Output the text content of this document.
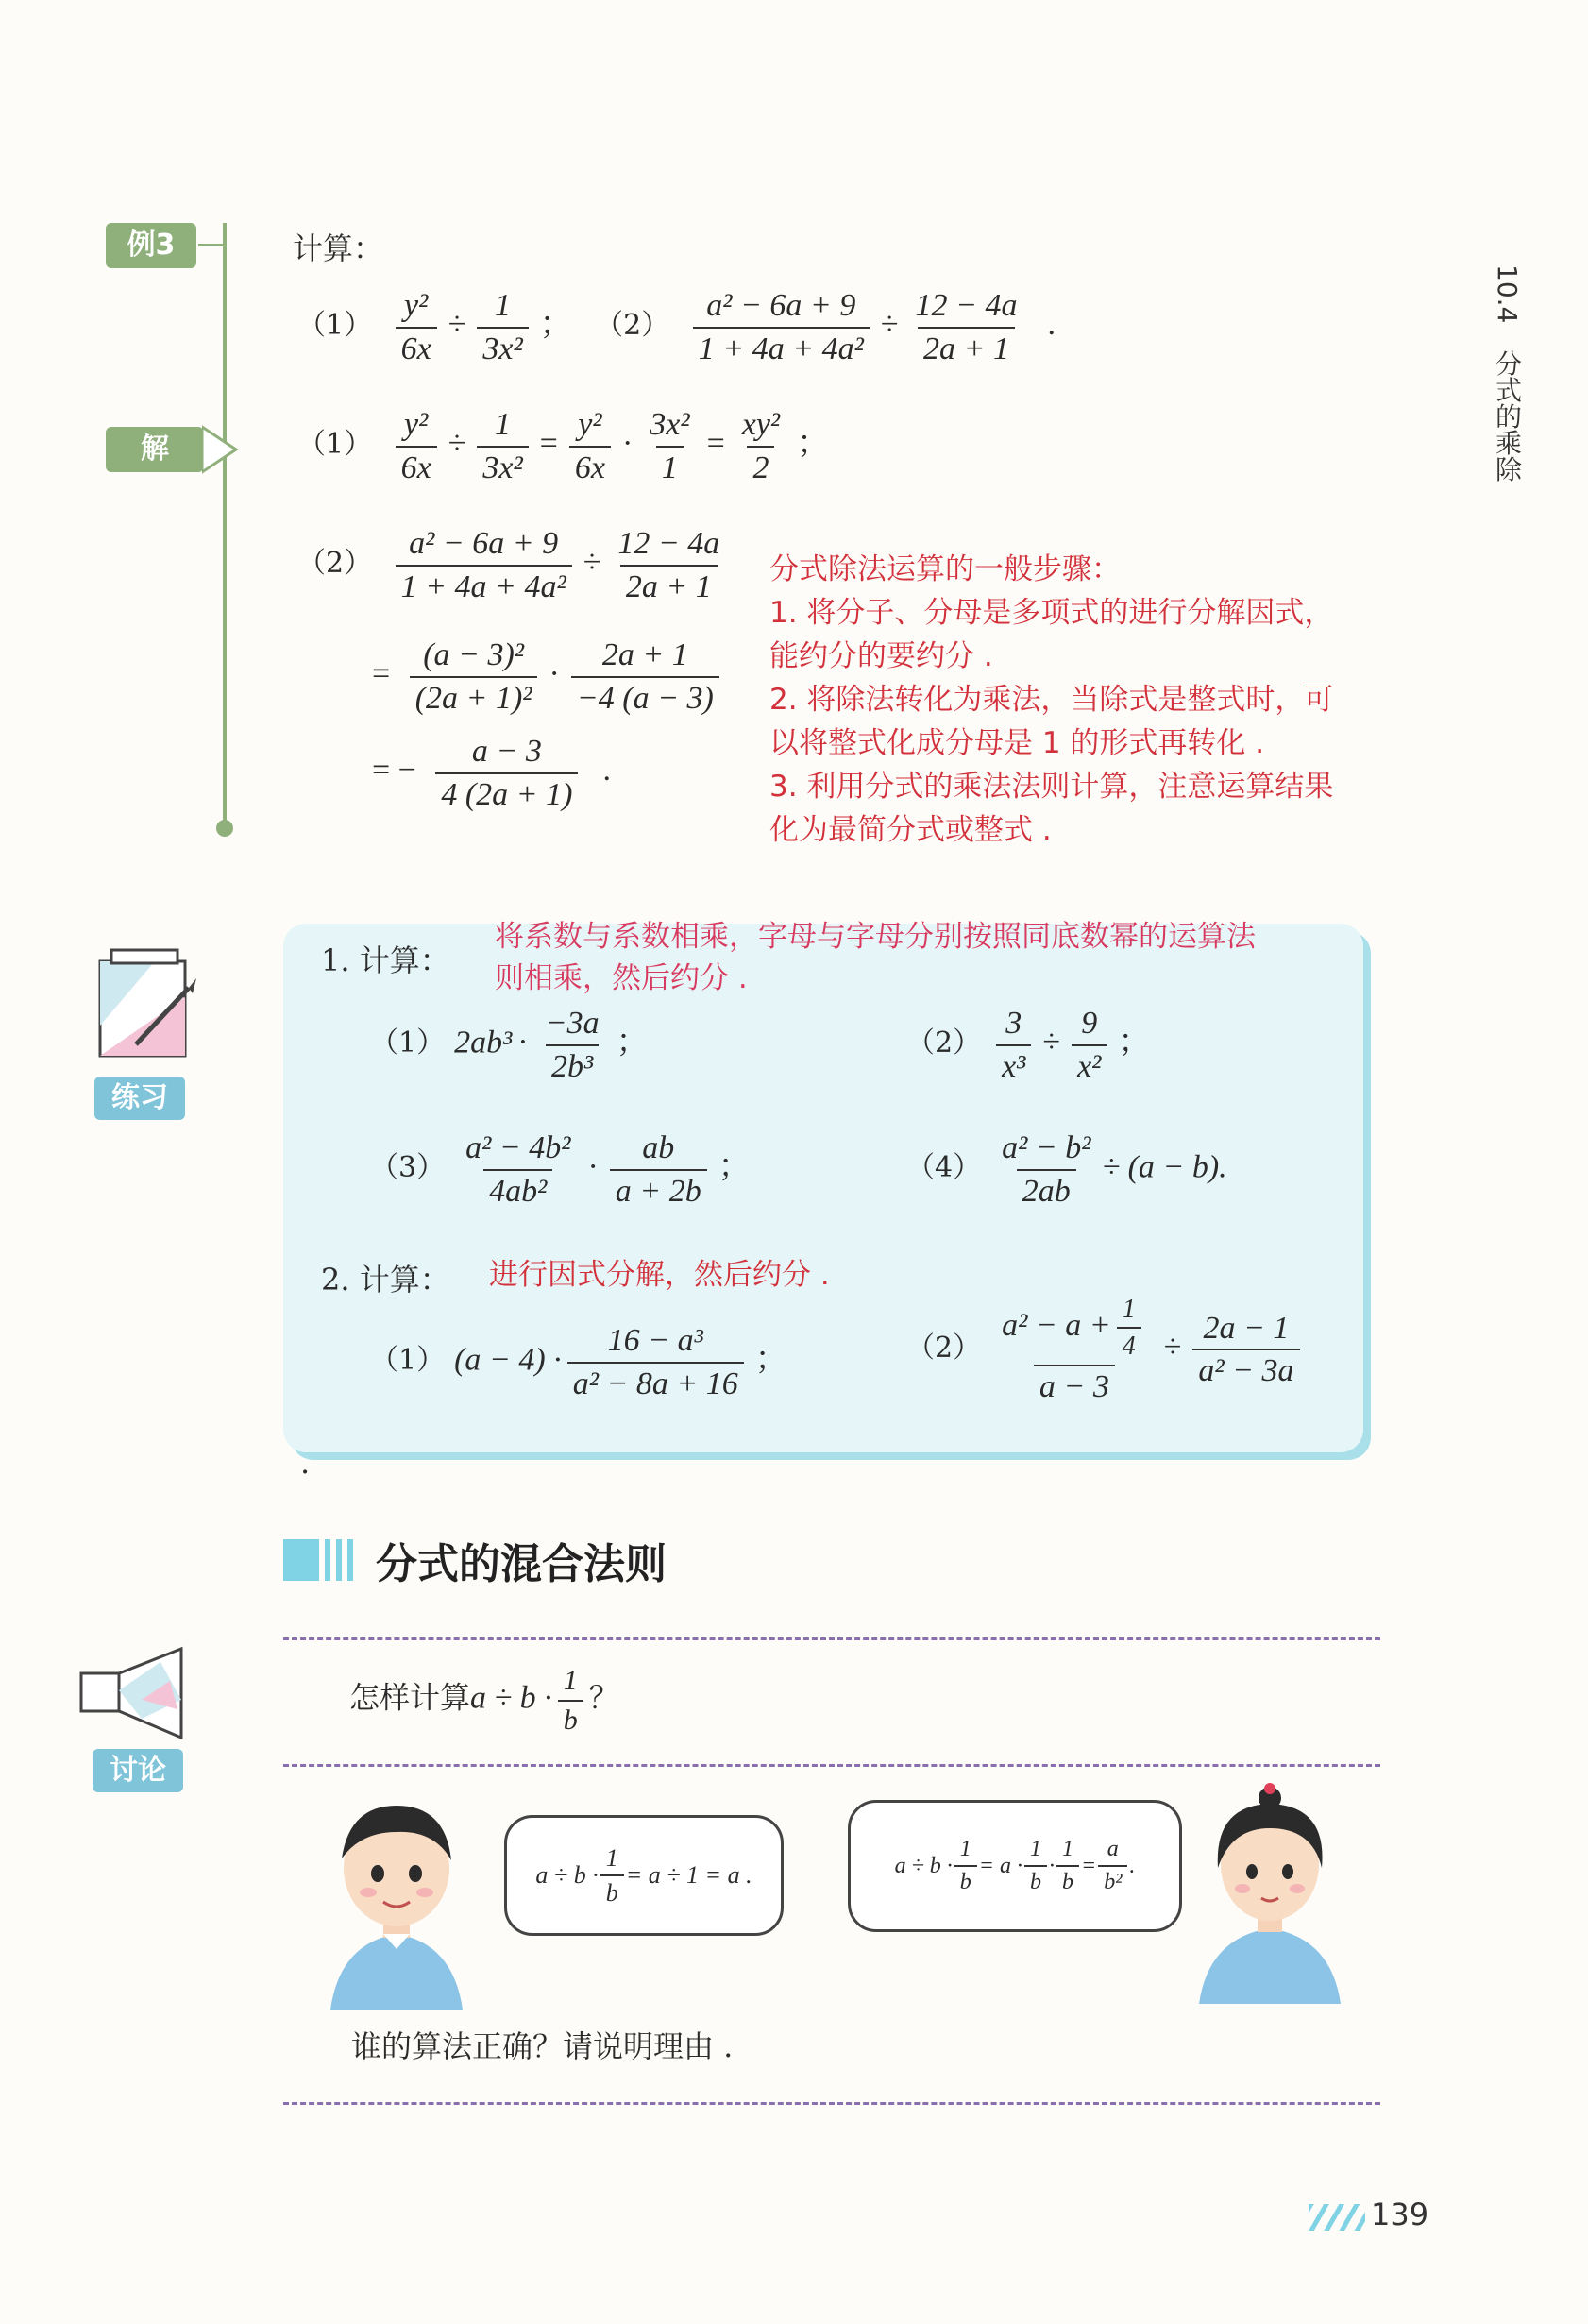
10.4　分式的乘除
例3	计算：
$(1) \frac{\text{y²}}{6x} \div \frac{1}{\text{3x²}}$ ； $(2) \frac{\text{a² − 6a + 9}}{\text{1 + 4a + 4a²}} \div \frac{12 - 4a}{2a + 1}$ .
解	$(1) \frac{\text{y²}}{6x} \div \frac{1}{\text{3x²}} = \frac{\text{y²}}{6x} \cdot \frac{\text{3x²}}{1} = \frac{\text{xy²}}{2}$ ；
$(2) \frac{\text{a² − 6a + 9}}{\text{1 + 4a + 4a²}} \div \frac{12 - 4a}{2a + 1}$
= $\frac{\text{(a − 3)²}}{\text{(2a + 1)²}} \cdot \frac{2a + 1}{-4 (a - 3)}$
= − $\frac{a - 3}{4 (2a + 1)}$ .
分式除法运算的一般步骤：
1. 将分子、分母是多项式的进行分解因式，
能约分的要约分 .
2. 将除法转化为乘法，当除式是整式时，可
以将整式化成分母是 1 的形式再转化 .
3. 利用分式的乘法法则计算，注意运算结果
化为最简分式或整式 .
练习
1. 计算：
将系数与系数相乘，字母与字母分别按照同底数幂的运算法
则相乘，然后约分 .
（1） $2ab^3 \cdot \frac{-3a}{\text{2b³}}$ ；	$(2) \frac{3}{\text{x³}} \div \frac{9}{\text{x²}}$ ；
$(3) \frac{\text{a² − 4b²}}{\text{4ab²}} \cdot \frac{ab}{a + 2b}$ ；	$(4) \frac{\text{a² − b²}}{2ab} \div (a - b)$.
2. 计算： 进行因式分解，然后约分 .
（1） $(a - 4) \cdot \frac{\text{16 − a³}}{\text{a² − 8a + 16}}$ ；	$(2) \frac{a^2 - a + \frac{1}{4}}{a - 3} \div \frac{2a - 1}{\text{a² − 3a}}$
.
分式的混合法则
讨论
怎样计算$a \div b \cdot \frac{1}{b}$ ？
$a \div b \cdot \frac{1}{b} = a \div 1 = a$ .	$a \div b \cdot \frac{1}{b} = a \cdot \frac{1}{b} \cdot \frac{1}{b} = \frac{a}{\text{b²}}$ .
谁的算法正确？请说明理由 .
139
